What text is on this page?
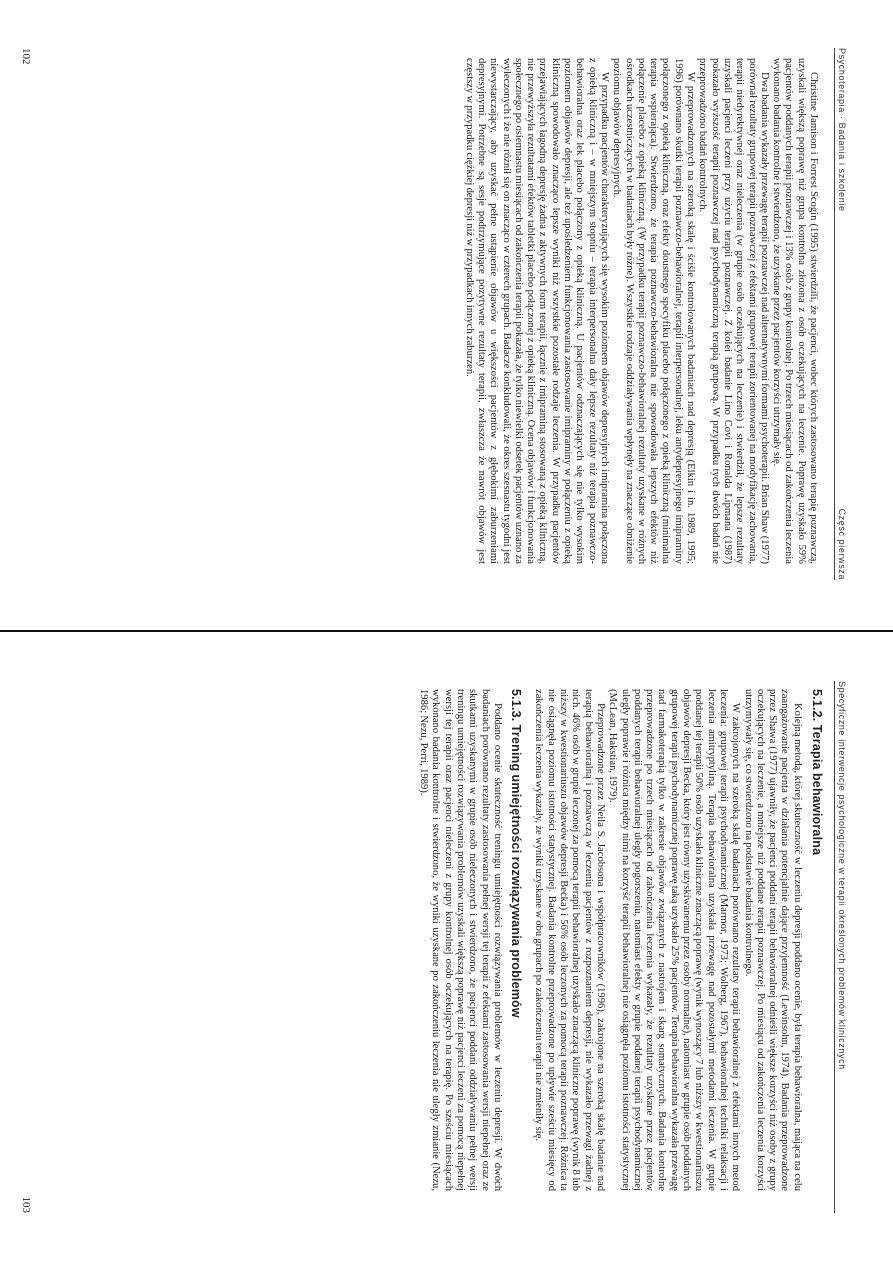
Psychoterapia · Badania i szkolenie
Część pierwsza

Christine Jamison i Forrest Scogin (1995) stwierdzili, że pacjenci, wobec których zastosowano terapię poznawczą, uzyskali większą poprawę niż grupa kontrolna złożona z osób oczekujących na leczenie. Poprawę uzyskało 59% pacjentów poddanych terapii poznawczej i 13% osób z grupy kontrolnej. Po trzech miesiącach od zakończenia leczenia wykonano badania kontrolne i stwierdzono, że uzyskane przez pacjentów korzyści utrzymały się.

Dwa badania wykazały przewagę terapii poznawczej nad alternatywnymi formami psychoterapii. Brian Shaw (1977) porównał rezultaty grupowej terapii poznawczej z efektami grupowej terapii zorientowanej na modyfikację zachowania, terapii niedyrektywnej oraz nieleczenia (w grupie osób oczekujących na leczenie) i stwierdził, że lepsze rezultaty uzyskali pacjenci leczeni przy użyciu terapii poznawczej. Z kolei badanie Lino Covi i Ronalda Lipmana (1987) pokazało wyższość terapii poznawczej nad psychodynamiczną terapią grupową. W przypadku tych dwóch badań nie przeprowadzono badań kontrolnych.

W przeprowadzonych na szeroką skalę i ściśle kontrolowanych badaniach nad depresją (Elkin i in. 1989, 1995; 1996) porównano skutki terapii poznawczo-behawioralnej, terapii interpersonalnej, leku antydepresyjnego imipraminy połączonego z opieką kliniczną, oraz efekty doustnego specyfiku placebo połączonego z opieką kliniczną (minimalna terapia wspierająca). Stwierdzono, że terapia poznawczo-behawioralna nie spowodowała lepszych efektów niż połączenie placebo z opieką kliniczną. (W przypadku terapii poznawczo-behawioralnej rezultaty uzyskane w różnych ośrodkach uczestniczących w badaniach były różne). Wszystkie rodzaje oddziaływania wpłynęły na znaczące obniżenie poziomu objawów depresyjnych.

W przypadku pacjentów charakteryzujących się wysokim poziomem objawów depresyjnych imipramina połączona z opieką kliniczną i – w mniejszym stopniu – terapia interpersonalna dały lepsze rezultaty niż terapia poznawczo-behawioralna oraz lek placebo połączony z opieką kliniczną. U pacjentów odznaczających się nie tylko wysokim poziomem objawów depresji, ale też upośledzeniem funkcjonowania zastosowanie imipraminy w połączeniu z opieką kliniczną spowodowało znacząco lepsze wyniki niż wszystkie pozostałe rodzaje leczenia. W przypadku pacjentów przejawiających łagodną depresję żadna z aktywnych form terapii, łącznie z imipraminą stosowaną z opieką kliniczną, nie przewyższyła rezultatami efektów tabletki placebo połączonej z opieką kliniczną. Ocena objawów i funkcjonowania społecznego po osiemnastu miesiącach od zakończenia terapii pokazała, że tylko niewielki odsetek pacjentów uznano za wyleczonych i że nie różnił się on znacząco w czterech grupach. Badacze konkludowali, że okres szesnastu tygodni jest niewystarczający, aby uzyskać pełne ustąpienie objawów u większości pacjentów z głębokimi zaburzeniami depresyjnymi. Potrzebne są sesje podtrzymujące pozytywne rezultaty terapii, zwłaszcza że nawrót objawów jest częstszy w przypadku ciężkiej depresji niż w przypadkach innych zaburzeń.

102
Specyficzne interwencje psychologiczne w terapii określonych problemów klinicznych
5.1.2. Terapia behawioralna

Kolejną metodą, której skuteczność w leczeniu depresji poddano ocenie, była terapia behawioralna, mająca na celu zaangażowanie pacjenta w działania potencjalnie dające przyjemność (Lewinsohn, 1974). Badania przeprowadzone przez Shawa (1977) ujawniły, że pacjenci poddani terapii behawioralnej odnieśli większe korzyści niż osoby z grupy oczekujących na leczenie, a mniejsze niż poddane terapii poznawczej. Po miesiącu od zakończenia leczenia korzyści utrzymywały się, co stwierdzono na podstawie badania kontrolnego.

W zakrojonych na szeroką skalę badaniach porównano rezultaty terapii behawioralnej z efektami innych metod leczenia: grupowej terapii psychodynamicznej (Marmor, 1973; Wolberg, 1967), behawioralnej techniki relaksacji i leczenia amitryptyliną. Terapia behawioralna uzyskała przewagę nad pozostałymi metodami leczenia. W grupie poddanej tej terapii 50% osób uzyskało kliniczne znaczącą poprawę (wynik wynoszący 7 lub niższy w kwestionariuszu objawów depresji Becka, który jest równy uzyskiwanemu przez osoby normalne), natomiast w grupie osób poddanych grupowej terapii psychodynamicznej poprawę taką uzyskało 25% pacjentów. Terapia behawioralna wykazała przewagę nad farmakoterapią tylko w zakresie objawów związanych z nastrojem i skarg somatycznych. Badania kontrolne przeprowadzone po trzech miesiącach od zakończenia leczenia wykazały, że rezultaty uzyskane przez pacjentów poddanych terapii behawioralnej uległy pogorszeniu, natomiast efekty w grupie poddanej terapii psychodynamicznej uległy poprawie i różnica między nimi na korzyść terapii behawioralnej nie osiągnęła poziomu istotności statystycznej (McLean, Hakstian, 1979).

Przeprowadzone przez Neila S. Jacobsona i współpracowników (1996), zakrojone na szeroką skalę badanie nad terapią behawioralną i poznawczą w leczeniu pacjentów z rozpoznaniem depresji, nie wykazało przewagi żadnej z nich. 46% osób w grupie leczonej za pomocą terapii behawioralnej uzyskało znaczącą kliniczne poprawę (wynik 8 lub niższy w kwestionariuszu objawów depresji Becka) i 56% osób leczonych za pomocą terapii poznawczej. Różnica ta nie osiągnęła poziomu istotności statystycznej. Badania kontrolne przeprowadzone po upływie sześciu miesięcy od zakończenia leczenia wykazały, że wyniki uzyskane w obu grupach po zakończeniu terapii nie zmieniły się.

5.1.3. Trening umiejętności rozwiązywania problemów

Poddano ocenie skuteczność treningu umiejętności rozwiązywania problemów w leczeniu depresji. W dwóch badaniach porównano rezultaty zastosowania pełnej wersji tej terapii z efektami zastosowania wersji niepełnej oraz ze skutkami uzyskanymi w grupie osób nieleczonych i stwierdzono, że pacjenci poddani oddziaływaniu pełnej wersji treningu umiejętności rozwiązywania problemów uzyskali większą poprawę niż pacjenci leczeni za pomocą niepełnej wersji tej terapii oraz pacjenci nieleczeni z grupy kontrolnej osób oczekujących na terapię. Po sześciu miesiącach wykonano badania kontrolne i stwierdzono, że wyniki uzyskane po zakończeniu leczenia nie uległy zmianie (Nezu, 1986; Nezu, Perri, 1989).

103
